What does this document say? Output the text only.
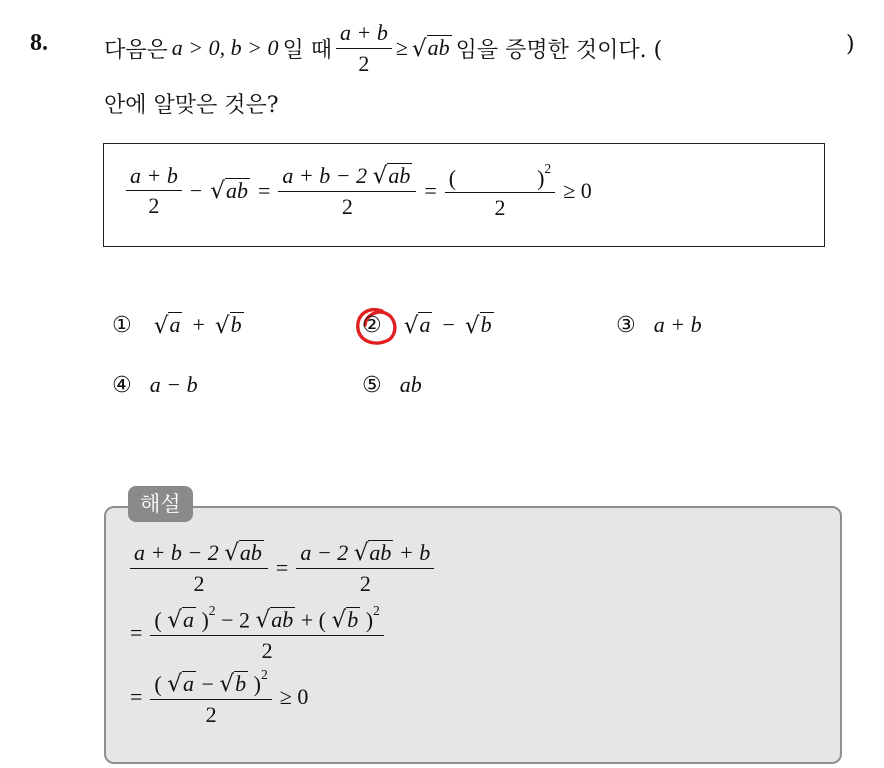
8.	다음은 a > 0, b > 0 일 때 $\frac{a + b}{2}$ ≥ √ ab 임을 증명한 것이다. (	)
안에 알맞은 것은?
$\frac{a + b}{2}$ − √ ab = $\frac{a + b - 2 √ ab}{2}$ = (	)$^2$
2 ≥ 0
① √ a + √ b	② √ a − √ b	③ a + b
④ a − b	⑤ ab
해설
$\frac{a + b - 2 √ ab}{2} = \frac{a - 2 √ ab + b}{2}$
=
( √ a )$^2$ − 2 √ ab + ( √ b )$^2$
2
=
( √ a − √ b )$^2$
2
≥ 0
